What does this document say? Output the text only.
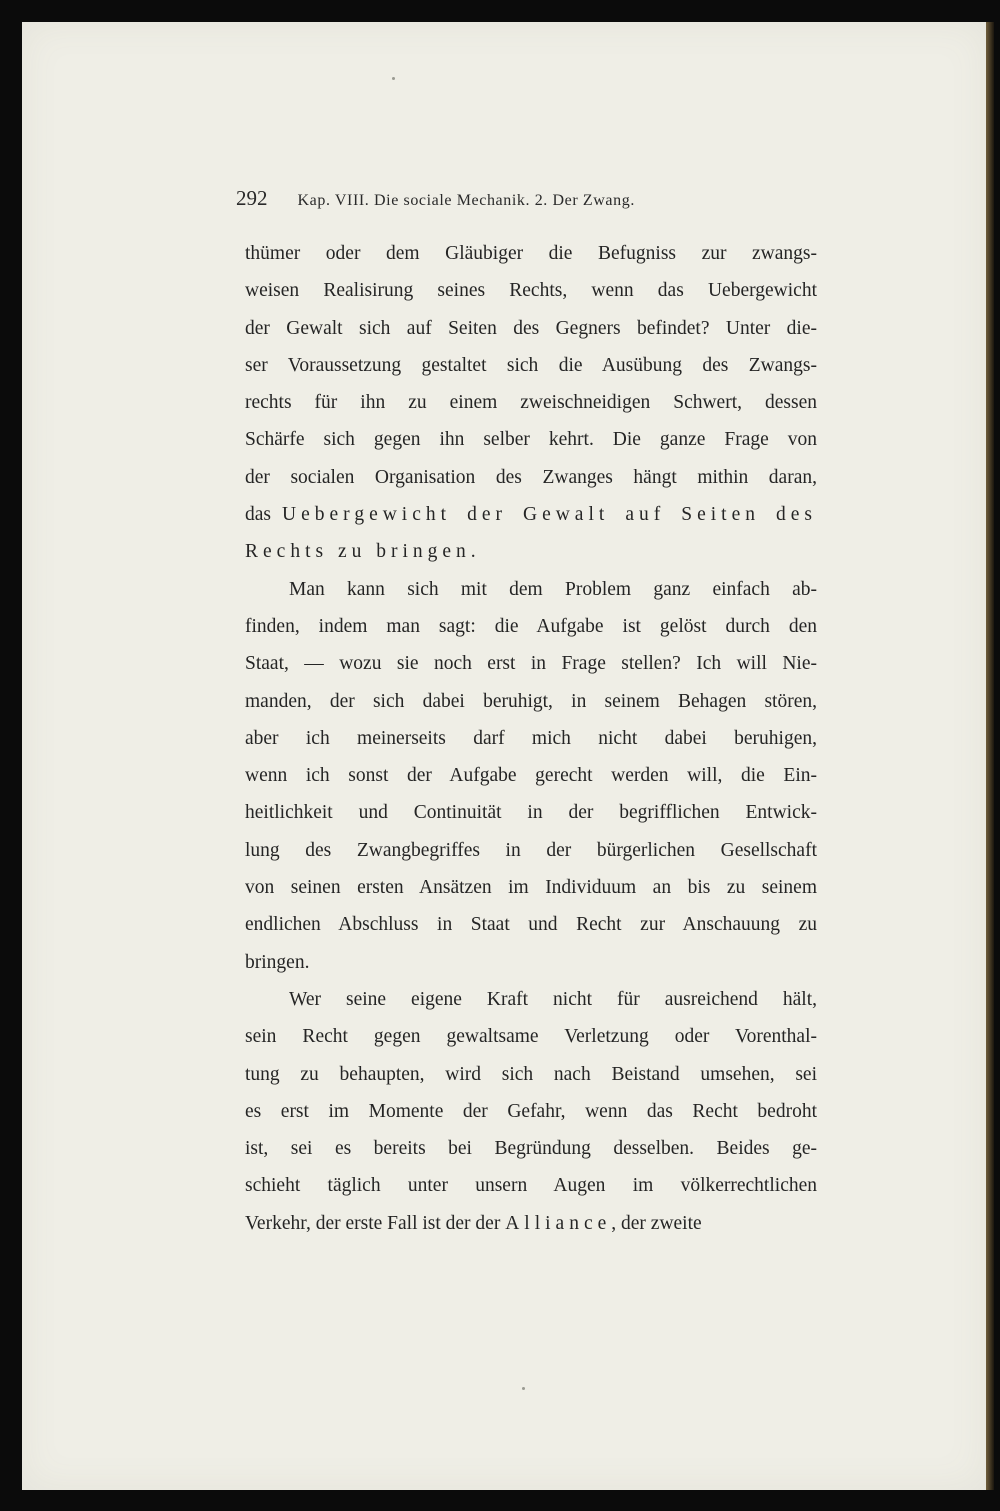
292 Kap. VIII. Die sociale Mechanik. 2. Der Zwang.
thümer oder dem Gläubiger die Befugniss zur zwangs-
weisen Realisirung seines Rechts, wenn das Uebergewicht
der Gewalt sich auf Seiten des Gegners befindet? Unter die-
ser Voraussetzung gestaltet sich die Ausübung des Zwangs-
rechts für ihn zu einem zweischneidigen Schwert, dessen
Schärfe sich gegen ihn selber kehrt. Die ganze Frage von
der socialen Organisation des Zwanges hängt mithin daran,
das Uebergewicht der Gewalt auf Seiten des
Rechts zu bringen.
Man kann sich mit dem Problem ganz einfach ab-
finden, indem man sagt: die Aufgabe ist gelöst durch den
Staat, — wozu sie noch erst in Frage stellen? Ich will Nie-
manden, der sich dabei beruhigt, in seinem Behagen stören,
aber ich meinerseits darf mich nicht dabei beruhigen,
wenn ich sonst der Aufgabe gerecht werden will, die Ein-
heitlichkeit und Continuität in der begrifflichen Entwick-
lung des Zwangbegriffes in der bürgerlichen Gesellschaft
von seinen ersten Ansätzen im Individuum an bis zu seinem
endlichen Abschluss in Staat und Recht zur Anschauung zu
bringen.
Wer seine eigene Kraft nicht für ausreichend hält,
sein Recht gegen gewaltsame Verletzung oder Vorenthal-
tung zu behaupten, wird sich nach Beistand umsehen, sei
es erst im Momente der Gefahr, wenn das Recht bedroht
ist, sei es bereits bei Begründung desselben. Beides ge-
schieht täglich unter unsern Augen im völkerrechtlichen
Verkehr, der erste Fall ist der der Alliance, der zweite
